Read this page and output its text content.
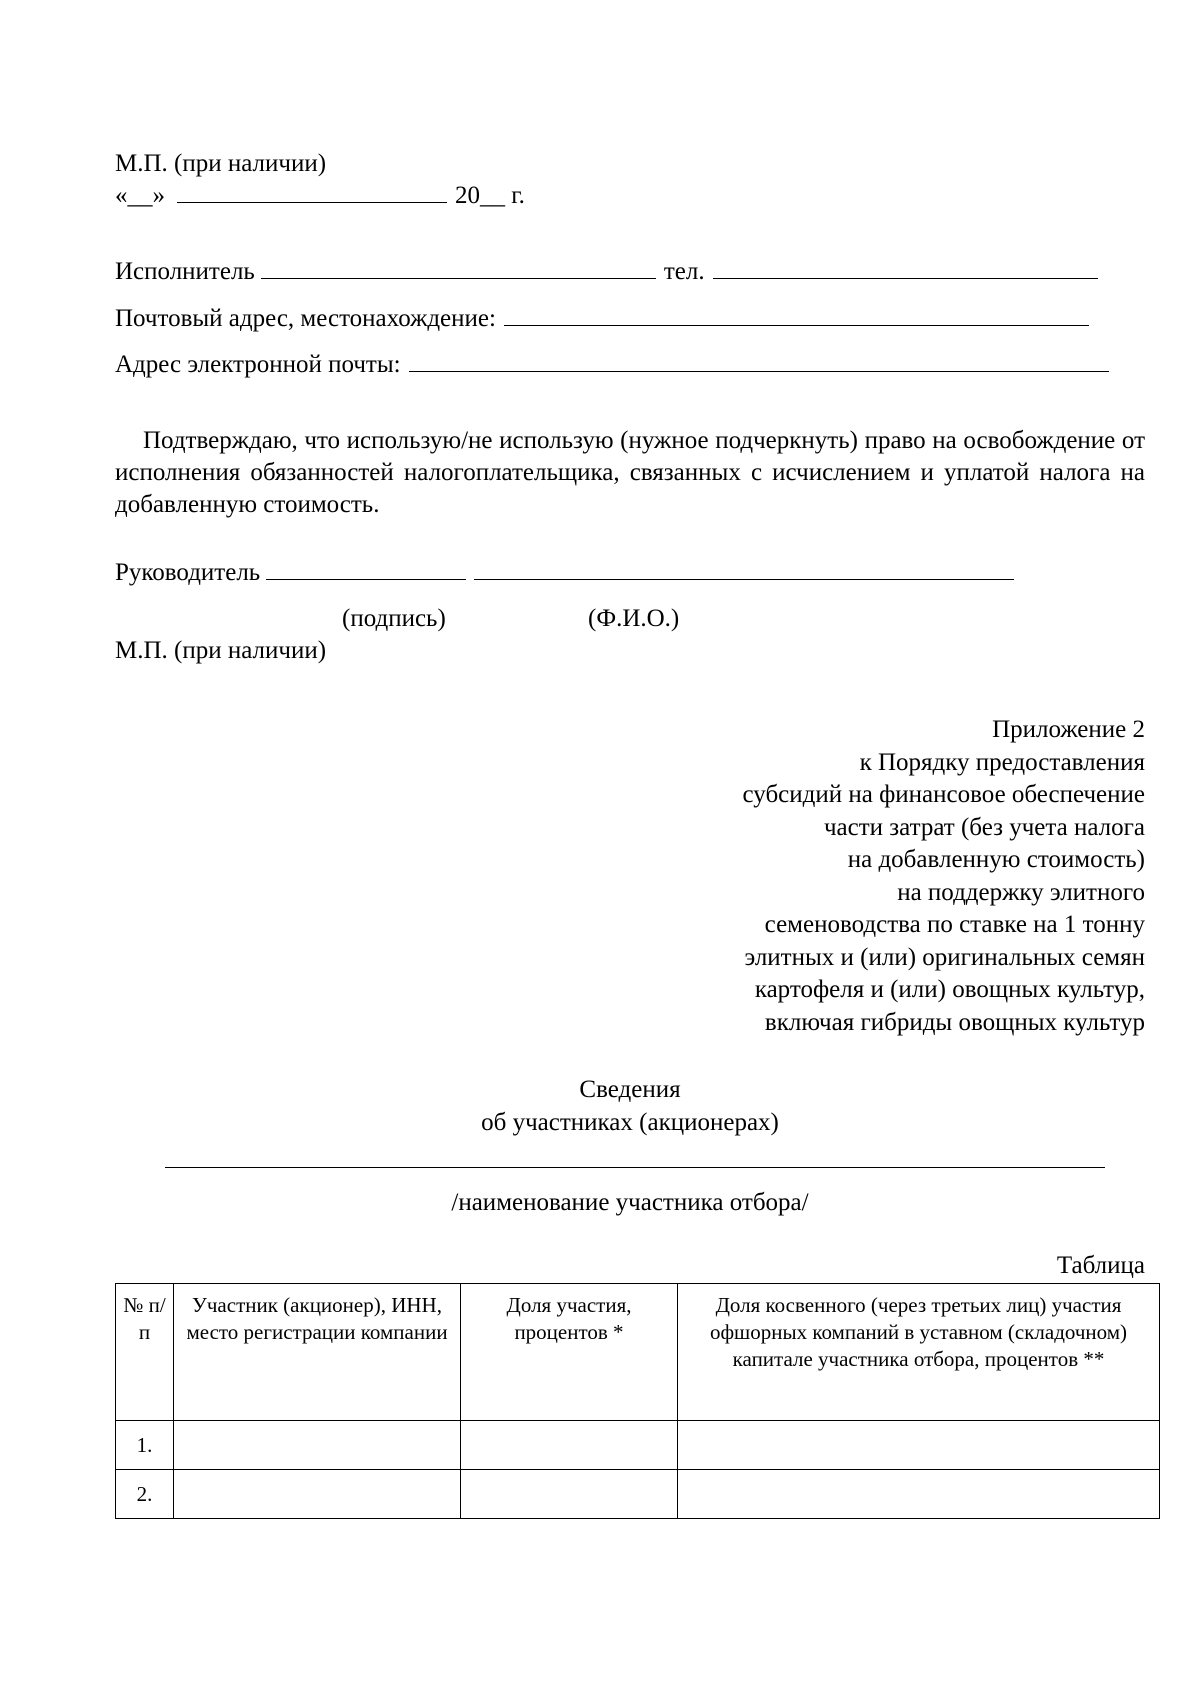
М.П. (при наличии)
«__»	20__ г.
Исполнитель	тел.
Почтовый адрес, местонахождение:
Адрес электронной почты:
Подтверждаю, что использую/не использую (нужное подчеркнуть) право на освобождение от исполнения обязанностей налогоплательщика, связанных с исчислением и уплатой налога на добавленную стоимость.
Руководитель
(подпись)	(Ф.И.О.)
М.П. (при наличии)
Приложение 2
к Порядку предоставления
субсидий на финансовое обеспечение
части затрат (без учета налога
на добавленную стоимость)
на поддержку элитного
семеноводства по ставке на 1 тонну
элитных и (или) оригинальных семян
картофеля и (или) овощных культур,
включая гибриды овощных культур
Сведения
об участниках (акционерах)
/наименование участника отбора/
Таблица
№ п/п	Участник (акционер), ИНН, место регистрации компании	Доля участия, процентов *	Доля косвенного (через третьих лиц) участия офшорных компаний в уставном (складочном) капитале участника отбора, процентов **
1.			
2.			
